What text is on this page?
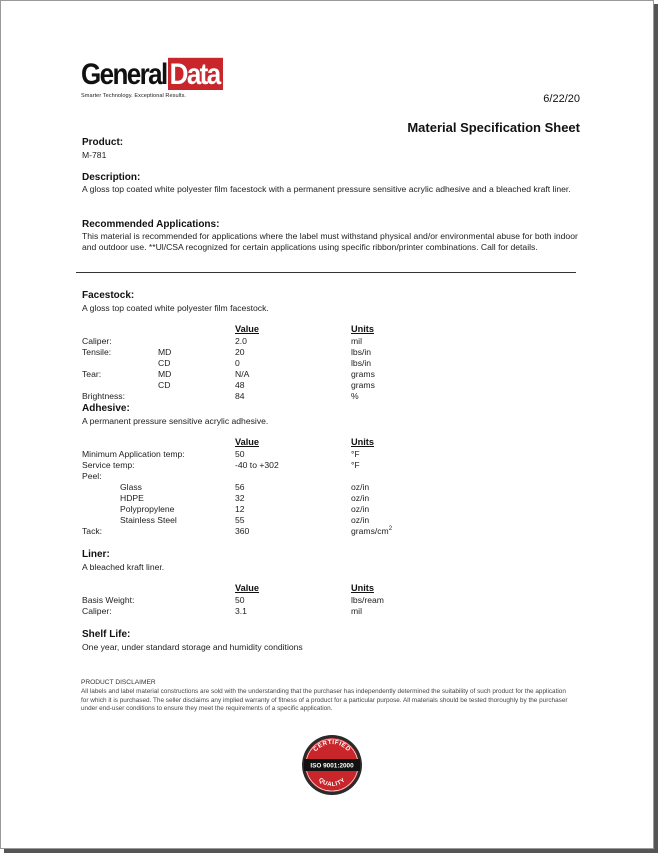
General Data
Smarter Technology. Exceptional Results.	6/22/20
Material Specification Sheet
Product:
M-781
Description:
A gloss top coated white polyester film facestock with a permanent pressure sensitive acrylic adhesive and a bleached kraft liner.
Recommended Applications:
This material is recommended for applications where the label must withstand physical and/or environmental abuse for both indoor and outdoor use. **Ul/CSA recognized for certain applications using specific ribbon/printer combinations. Call for details.
Facestock:
A gloss top coated white polyester film facestock.
Value	Units
Caliper:	2.0	mil
Tensile:	MD	20	lbs/in
CD	0	lbs/in
Tear:	MD	N/A	grams
CD	48	grams
Brightness:	84	%
Adhesive:
A permanent pressure sensitive acrylic adhesive.
Value	Units
Minimum Application temp:	50	°F
Service temp:	-40 to +302	°F
Peel:
Glass	56	oz/in
HDPE	32	oz/in
Polypropylene	12	oz/in
Stainless Steel	55	oz/in
Tack:	360	grams/$cm^2$
Liner:
A bleached kraft liner.
Value	Units
Basis Weight:	50	lbs/ream
Caliper:	3.1	mil
Shelf Life:
One year, under standard storage and humidity conditions
PRODUCT DISCLAIMER
All labels and label material constructions are sold with the understanding that the purchaser has independently determined the suitability of such product for the application for which it is purchased. The seller disclaims any implied warranty of fitness of a product for a particular purpose. All materials should be tested thoroughly by the purchaser under end-user conditions to ensure they meet the requirements of a specific application.
CERTIFIED
ISO 9001:2000
QUALITY
